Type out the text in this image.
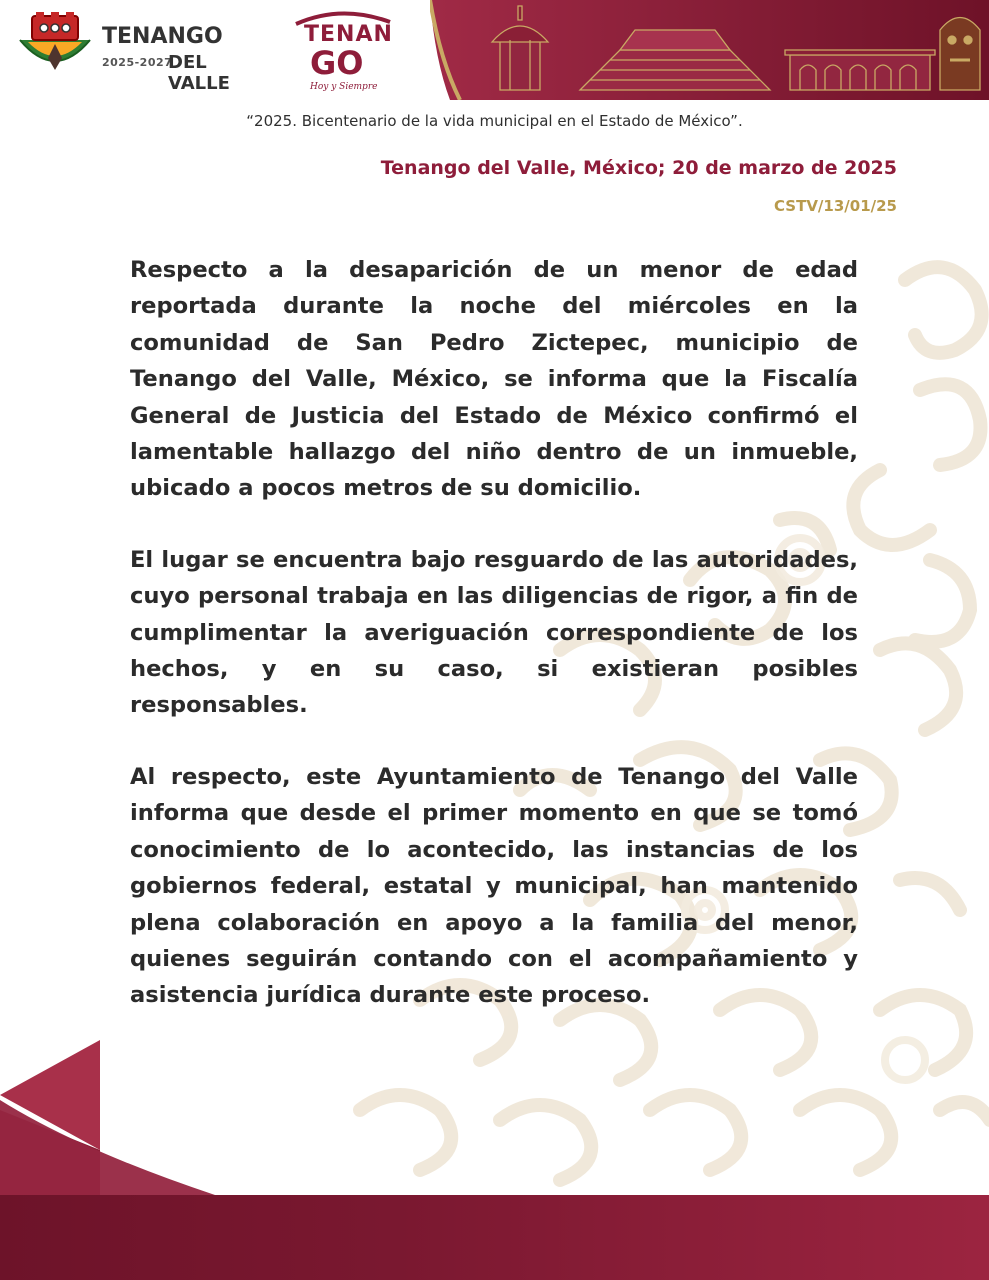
TENANGO
2025-2027
DEL VALLE
TENAN
GO
Hoy y Siempre
“2025. Bicentenario de la vida municipal en el Estado de México”.
Tenango del Valle, México; 20 de marzo de 2025
CSTV/13/01/25

Respecto a la desaparición de un menor de edad reportada durante la noche del miércoles en la comunidad de San Pedro Zictepec, municipio de Tenango del Valle, México, se informa que la Fiscalía General de Justicia del Estado de México confirmó el lamentable hallazgo del niño dentro de un inmueble, ubicado a pocos metros de su domicilio.

El lugar se encuentra bajo resguardo de las autoridades, cuyo personal trabaja en las diligencias de rigor, a fin de cumplimentar la averiguación correspondiente de los hechos, y en su caso, si existieran posibles responsables.

Al respecto, este Ayuntamiento de Tenango del Valle informa que desde el primer momento en que se tomó conocimiento de lo acontecido, las instancias de los gobiernos federal, estatal y municipal, han mantenido plena colaboración en apoyo a la familia del menor, quienes seguirán contando con el acompañamiento y asistencia jurídica durante este proceso.
